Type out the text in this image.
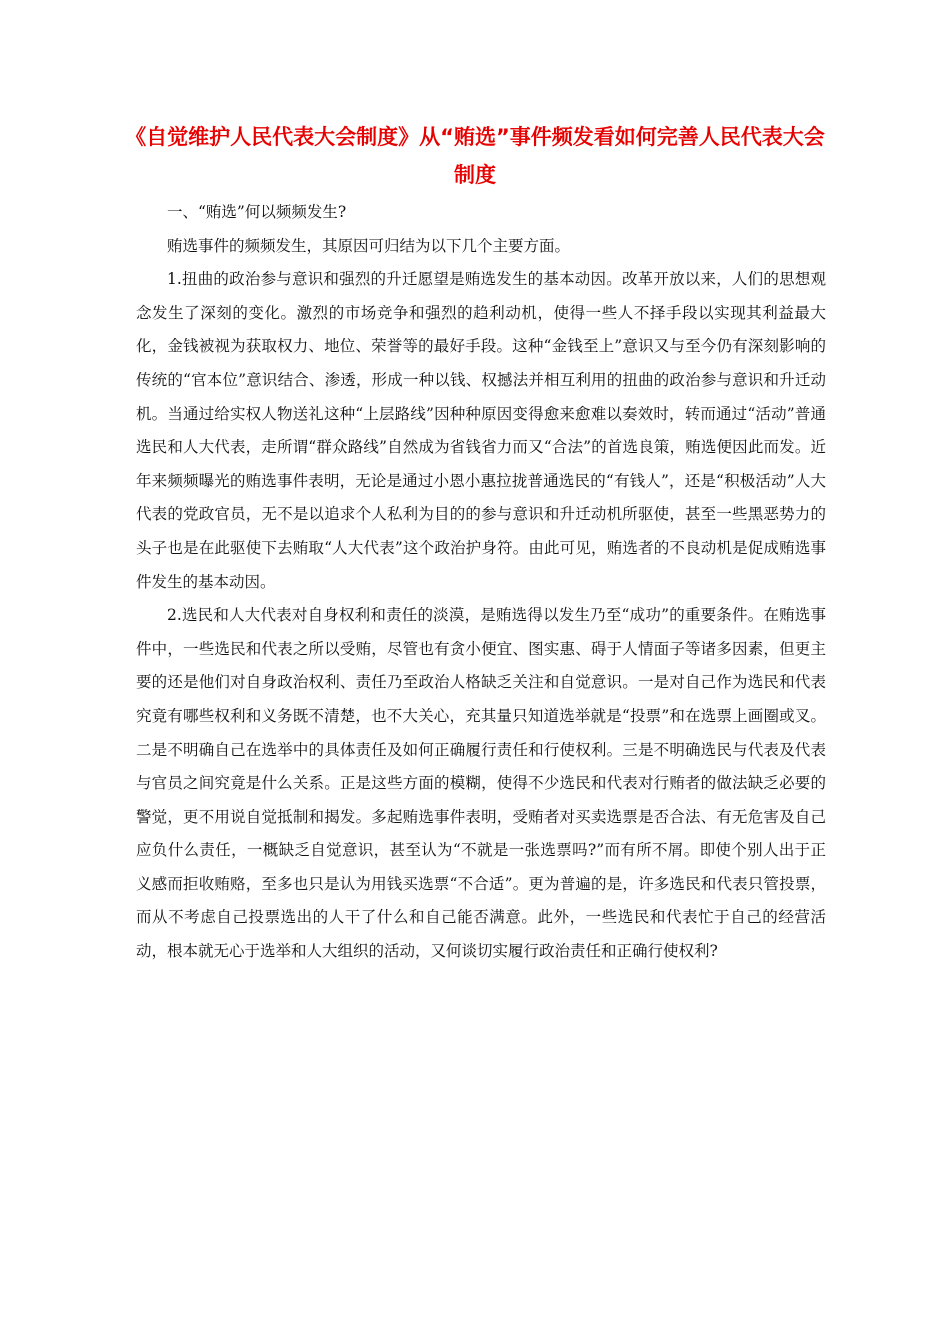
《自觉维护人民代表大会制度》从“贿选”事件频发看如何完善人民代表大会制度

一、“贿选”何以频频发生?

贿选事件的频频发生，其原因可归结为以下几个主要方面。

1.扭曲的政治参与意识和强烈的升迁愿望是贿选发生的基本动因。改革开放以来，人们的思想观念发生了深刻的变化。激烈的市场竞争和强烈的趋利动机，使得一些人不择手段以实现其利益最大化，金钱被视为获取权力、地位、荣誉等的最好手段。这种“金钱至上”意识又与至今仍有深刻影响的传统的“官本位”意识结合、渗透，形成一种以钱、权撼法并相互利用的扭曲的政治参与意识和升迁动机。当通过给实权人物送礼这种“上层路线”因种种原因变得愈来愈难以奏效时，转而通过“活动”普通选民和人大代表，走所谓“群众路线”自然成为省钱省力而又“合法”的首选良策，贿选便因此而发。近年来频频曝光的贿选事件表明，无论是通过小恩小惠拉拢普通选民的“有钱人”，还是“积极活动”人大代表的党政官员，无不是以追求个人私利为目的的参与意识和升迁动机所驱使，甚至一些黑恶势力的头子也是在此驱使下去贿取“人大代表”这个政治护身符。由此可见，贿选者的不良动机是促成贿选事件发生的基本动因。

2.选民和人大代表对自身权利和责任的淡漠，是贿选得以发生乃至“成功”的重要条件。在贿选事件中，一些选民和代表之所以受贿，尽管也有贪小便宜、图实惠、碍于人情面子等诸多因素，但更主要的还是他们对自身政治权利、责任乃至政治人格缺乏关注和自觉意识。一是对自己作为选民和代表究竟有哪些权利和义务既不清楚，也不大关心，充其量只知道选举就是“投票”和在选票上画圈或叉。二是不明确自己在选举中的具体责任及如何正确履行责任和行使权利。三是不明确选民与代表及代表与官员之间究竟是什么关系。正是这些方面的模糊，使得不少选民和代表对行贿者的做法缺乏必要的警觉，更不用说自觉抵制和揭发。多起贿选事件表明，受贿者对买卖选票是否合法、有无危害及自己应负什么责任，一概缺乏自觉意识，甚至认为“不就是一张选票吗?”而有所不屑。即使个别人出于正义感而拒收贿赂，至多也只是认为用钱买选票“不合适”。更为普遍的是，许多选民和代表只管投票，而从不考虑自己投票选出的人干了什么和自己能否满意。此外，一些选民和代表忙于自己的经营活动，根本就无心于选举和人大组织的活动，又何谈切实履行政治责任和正确行使权利?
